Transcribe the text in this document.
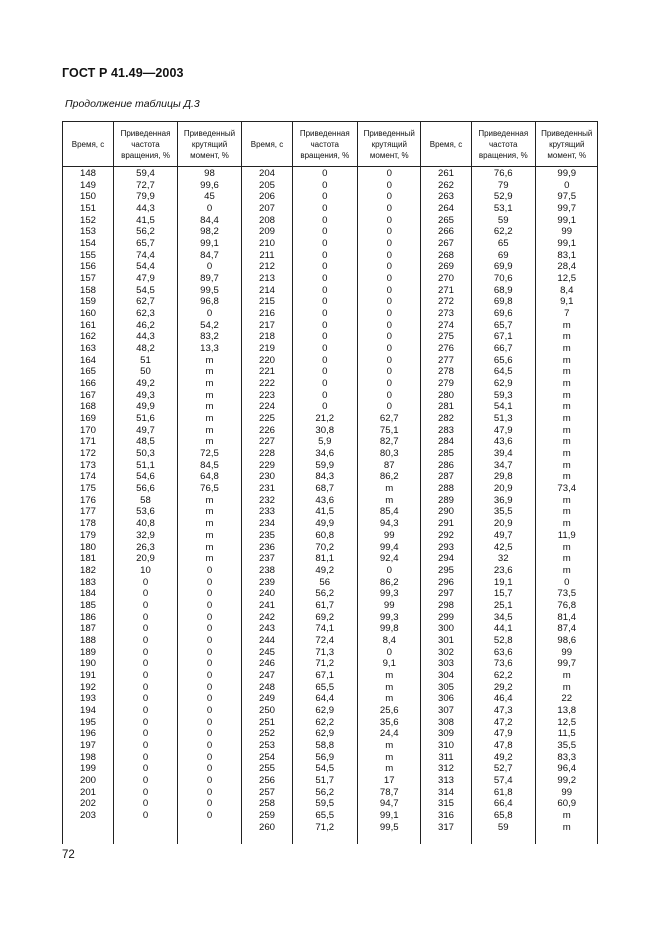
ГОСТ Р 41.49—2003
Продолжение таблицы Д.3
Время, с
148
149
150
151
152
153
154
155
156
157
158
159
160
161
162
163
164
165
166
167
168
169
170
171
172
173
174
175
176
177
178
179
180
181
182
183
184
185
186
187
188
189
190
191
192
193
194
195
196
197
198
199
200
201
202
203
Приведенная частота вращения, %
59,4
72,7
79,9
44,3
41,5
56,2
65,7
74,4
54,4
47,9
54,5
62,7
62,3
46,2
44,3
48,2
51
50
49,2
49,3
49,9
51,6
49,7
48,5
50,3
51,1
54,6
56,6
58
53,6
40,8
32,9
26,3
20,9
10
0
0
0
0
0
0
0
0
0
0
0
0
0
0
0
0
0
0
0
0
0
Приведенный крутящий момент, %
98
99,6
45
0
84,4
98,2
99,1
84,7
0
89,7
99,5
96,8
0
54,2
83,2
13,3
m
m
m
m
m
m
m
m
72,5
84,5
64,8
76,5
m
m
m
m
m
m
0
0
0
0
0
0
0
0
0
0
0
0
0
0
0
0
0
0
0
0
0
0
Время, с
204
205
206
207
208
209
210
211
212
213
214
215
216
217
218
219
220
221
222
223
224
225
226
227
228
229
230
231
232
233
234
235
236
237
238
239
240
241
242
243
244
245
246
247
248
249
250
251
252
253
254
255
256
257
258
259
260
Приведенная частота вращения, %
0
0
0
0
0
0
0
0
0
0
0
0
0
0
0
0
0
0
0
0
0
21,2
30,8
5,9
34,6
59,9
84,3
68,7
43,6
41,5
49,9
60,8
70,2
81,1
49,2
56
56,2
61,7
69,2
74,1
72,4
71,3
71,2
67,1
65,5
64,4
62,9
62,2
62,9
58,8
56,9
54,5
51,7
56,2
59,5
65,5
71,2
Приведенный крутящий момент, %
0
0
0
0
0
0
0
0
0
0
0
0
0
0
0
0
0
0
0
0
0
62,7
75,1
82,7
80,3
87
86,2
m
m
85,4
94,3
99
99,4
92,4
0
86,2
99,3
99
99,3
99,8
8,4
0
9,1
m
m
m
25,6
35,6
24,4
m
m
m
17
78,7
94,7
99,1
99,5
Время, с
261
262
263
264
265
266
267
268
269
270
271
272
273
274
275
276
277
278
279
280
281
282
283
284
285
286
287
288
289
290
291
292
293
294
295
296
297
298
299
300
301
302
303
304
305
306
307
308
309
310
311
312
313
314
315
316
317
Приведенная частота вращения, %
76,6
79
52,9
53,1
59
62,2
65
69
69,9
70,6
68,9
69,8
69,6
65,7
67,1
66,7
65,6
64,5
62,9
59,3
54,1
51,3
47,9
43,6
39,4
34,7
29,8
20,9
36,9
35,5
20,9
49,7
42,5
32
23,6
19,1
15,7
25,1
34,5
44,1
52,8
63,6
73,6
62,2
29,2
46,4
47,3
47,2
47,9
47,8
49,2
52,7
57,4
61,8
66,4
65,8
59
Приведенный крутящий момент, %
99,9
0
97,5
99,7
99,1
99
99,1
83,1
28,4
12,5
8,4
9,1
7
m
m
m
m
m
m
m
m
m
m
m
m
m
m
73,4
m
m
m
11,9
m
m
m
0
73,5
76,8
81,4
87,4
98,6
99
99,7
m
m
22
13,8
12,5
11,5
35,5
83,3
96,4
99,2
99
60,9
m
m
72
